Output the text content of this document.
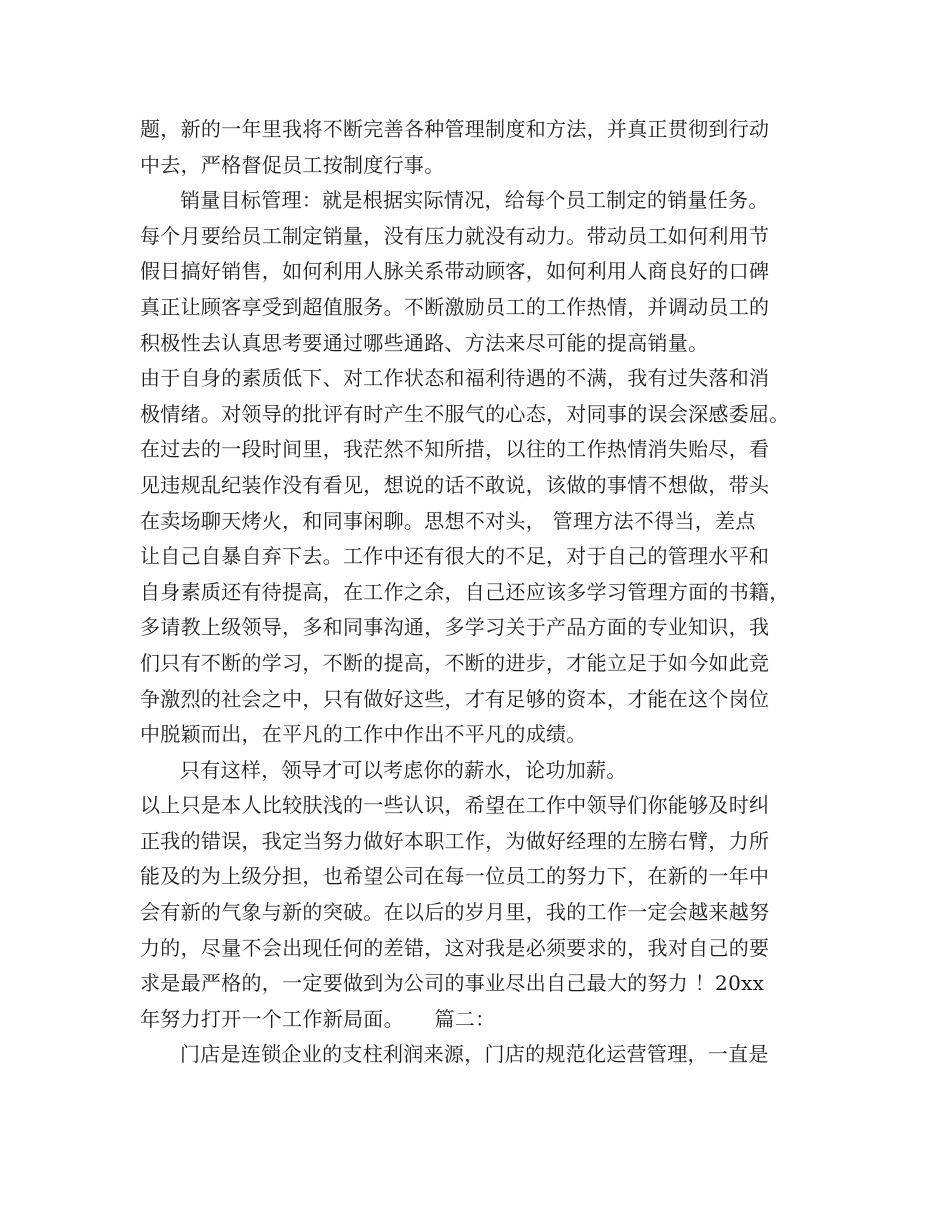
题，新的一年里我将不断完善各种管理制度和方法，并真正贯彻到行动
中去，严格督促员工按制度行事。
销量目标管理：就是根据实际情况，给每个员工制定的销量任务。
每个月要给员工制定销量，没有压力就没有动力。带动员工如何利用节
假日搞好销售，如何利用人脉关系带动顾客，如何利用人商良好的口碑
真正让顾客享受到超值服务。不断激励员工的工作热情，并调动员工的
积极性去认真思考要通过哪些通路、方法来尽可能的提高销量。
由于自身的素质低下、对工作状态和福利待遇的不满，我有过失落和消
极情绪。对领导的批评有时产生不服气的心态，对同事的误会深感委屈。
在过去的一段时间里，我茫然不知所措，以往的工作热情消失贻尽，看
见违规乱纪装作没有看见，想说的话不敢说，该做的事情不想做，带头
在卖场聊天烤火，和同事闲聊。思想不对头， 管理方法不得当，差点
让自己自暴自弃下去。工作中还有很大的不足，对于自己的管理水平和
自身素质还有待提高，在工作之余，自己还应该多学习管理方面的书籍，
多请教上级领导，多和同事沟通，多学习关于产品方面的专业知识，我
们只有不断的学习，不断的提高，不断的进步，才能立足于如今如此竞
争激烈的社会之中，只有做好这些，才有足够的资本，才能在这个岗位
中脱颖而出，在平凡的工作中作出不平凡的成绩。
只有这样，领导才可以考虑你的薪水，论功加薪。
以上只是本人比较肤浅的一些认识，希望在工作中领导们你能够及时纠
正我的错误，我定当努力做好本职工作，为做好经理的左膀右臂，力所
能及的为上级分担，也希望公司在每一位员工的努力下，在新的一年中
会有新的气象与新的突破。在以后的岁月里，我的工作一定会越来越努
力的，尽量不会出现任何的差错，这对我是必须要求的，我对自己的要
求是最严格的，一定要做到为公司的事业尽出自己最大的努力 ！20xx
年努力打开一个工作新局面。　　篇二：
门店是连锁企业的支柱利润来源，门店的规范化运营管理，一直是
